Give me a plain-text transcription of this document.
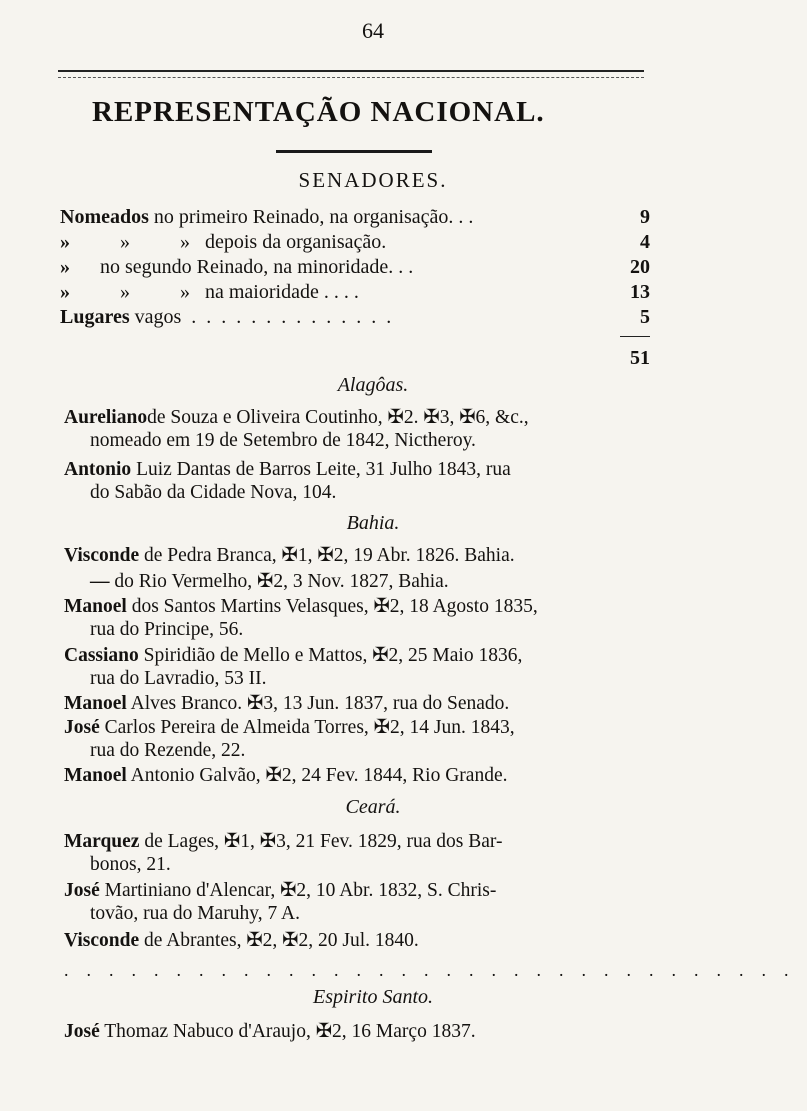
64
REPRESENTAÇÃO NACIONAL.
SENADORES.
Nomeados no primeiro Reinado, na organisação. . .	9
»          »          »   depois da organisação.	4
»      no segundo Reinado, na minoridade. . .	20
»          »          »   na maioridade . . . .	13
Lugares vagos  .  .  .  .  .  .  .  .  .  .  .  .  .  .	5
51
Alagôas.
Aurelianode Souza e Oliveira Coutinho, ✠2. ✠3, ✠6, &c.,
nomeado em 19 de Setembro de 1842, Nictheroy.
Antonio Luiz Dantas de Barros Leite, 31 Julho 1843, rua
do Sabão da Cidade Nova, 104.
Bahia.
Visconde de Pedra Branca, ✠1, ✠2, 19 Abr. 1826. Bahia.
— do Rio Vermelho, ✠2, 3 Nov. 1827, Bahia.
Manoel dos Santos Martins Velasques, ✠2, 18 Agosto 1835,
rua do Principe, 56.
Cassiano Spiridião de Mello e Mattos, ✠2, 25 Maio 1836,
rua do Lavradio, 53 II.
Manoel Alves Branco. ✠3, 13 Jun. 1837, rua do Senado.
José Carlos Pereira de Almeida Torres, ✠2, 14 Jun. 1843,
rua do Rezende, 22.
Manoel Antonio Galvão, ✠2, 24 Fev. 1844, Rio Grande.
Ceará.
Marquez de Lages, ✠1, ✠3, 21 Fev. 1829, rua dos Bar-
bonos, 21.
José Martiniano d'Alencar, ✠2, 10 Abr. 1832, S. Chris-
tovão, rua do Maruhy, 7 A.
Visconde de Abrantes, ✠2, ✠2, 20 Jul. 1840.
.................................
Espirito Santo.
José Thomaz Nabuco d'Araujo, ✠2, 16 Março 1837.
